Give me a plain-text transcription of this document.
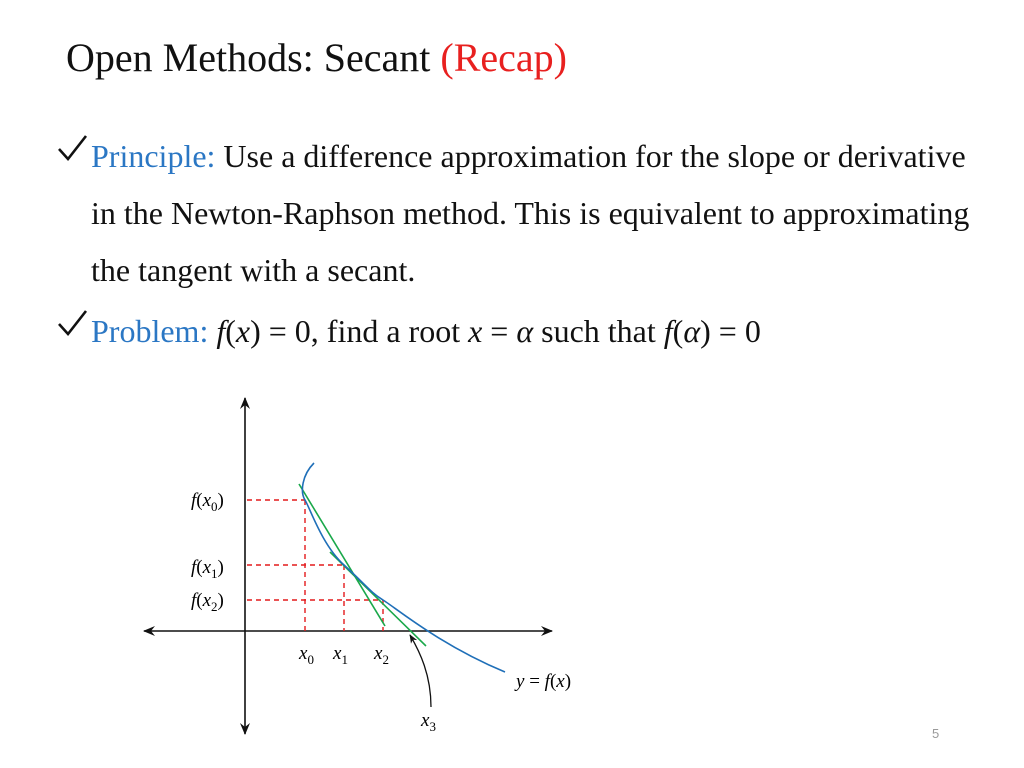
Open Methods: Secant (Recap)
Principle: Use a difference approximation for the slope or derivative in the Newton-Raphson method. This is equivalent to approximating the tangent with a secant.
Problem: f(x) = 0, find a root x = α such that f(α) = 0
$f(x_0)$
$f(x_1)$
$f(x_2)$
$x_0$ $x_1$ $x_2$
$x_3$
y = f(x)
5
